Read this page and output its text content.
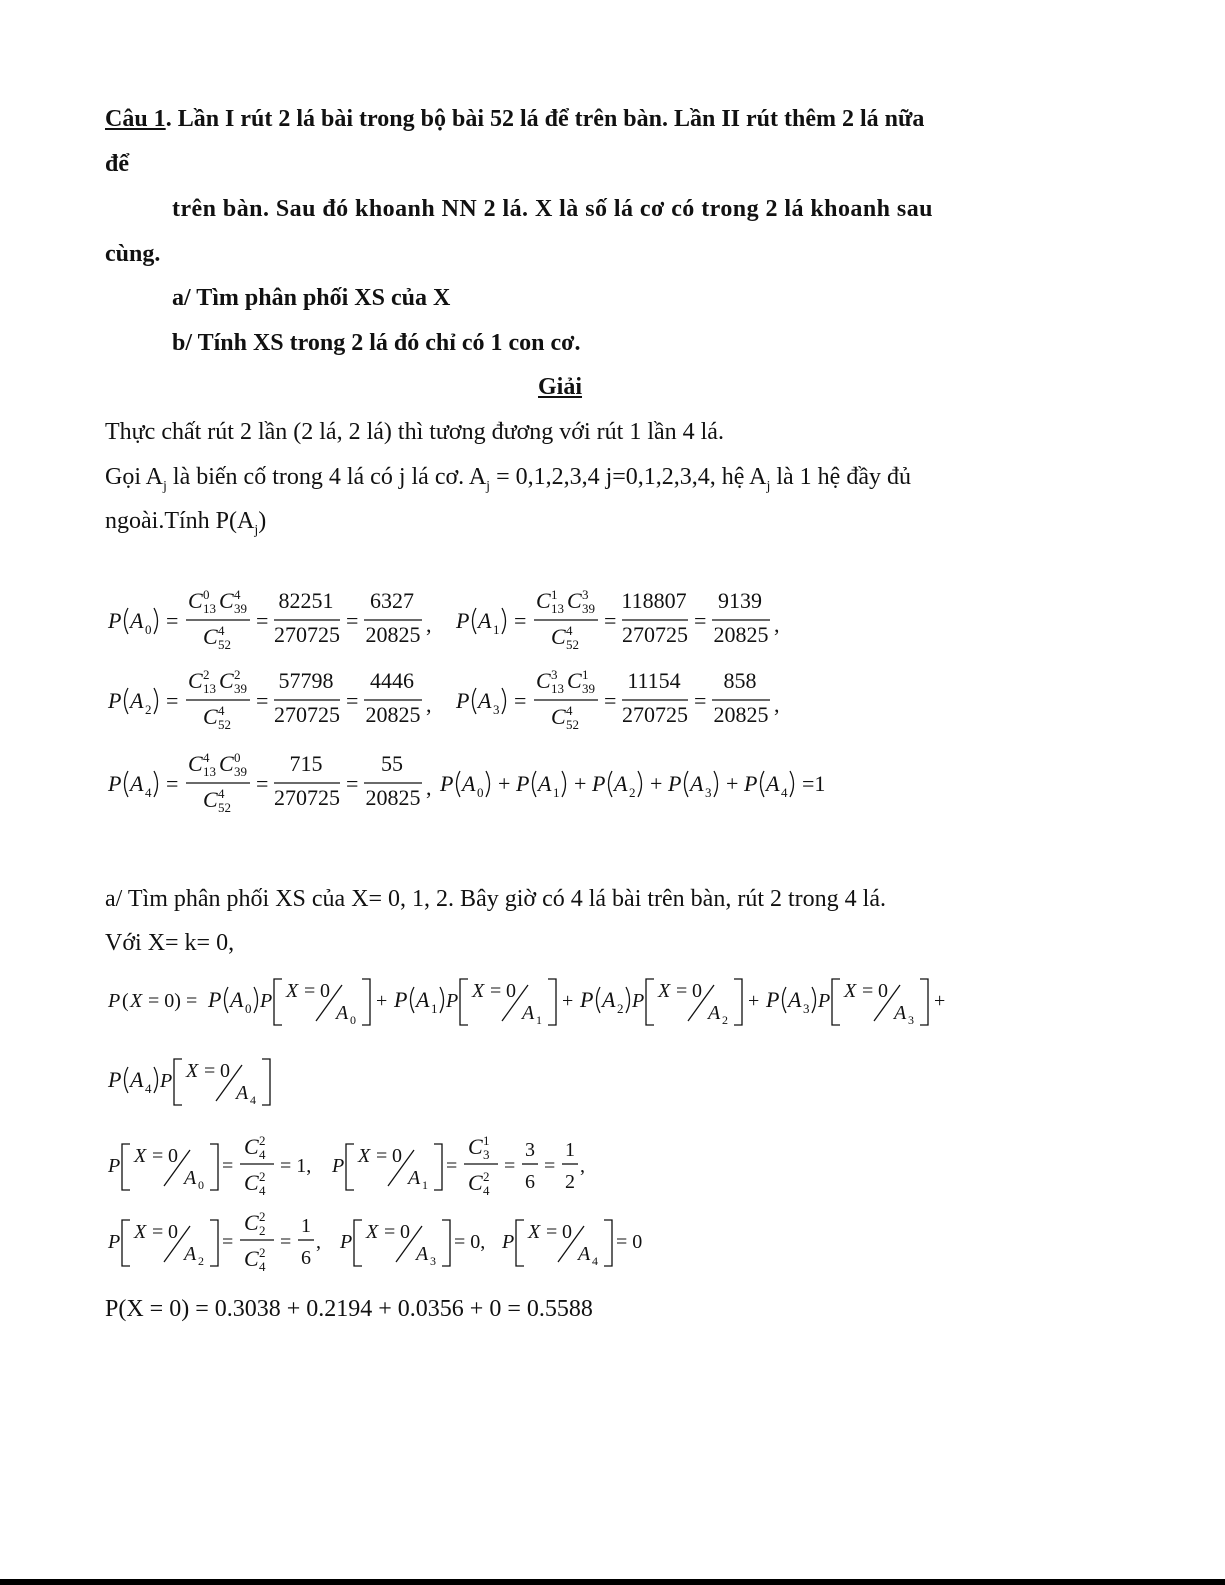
Câu 1. Lần I rút 2 lá bài trong bộ bài 52 lá để trên bàn. Lần II rút thêm 2 lá nữa
để
trên bàn. Sau đó khoanh NN 2 lá. X là số lá cơ có trong 2 lá khoanh sau
cùng.
a/ Tìm phân phối XS của X
b/ Tính XS trong 2 lá đó chỉ có 1 con cơ.
Giải
Thực chất rút 2 lần (2 lá, 2 lá) thì tương đương với rút 1 lần 4 lá.
Gọi $A_j$ là biến cố trong 4 lá có j lá cơ. $A_j = 0,1,2,3,4$ j=0,1,2,3,4, hệ $A_j$ là 1 hệ đầy đủ
ngoài.Tính $P(A_j)$
P A 0 =
C 0
13 C 4
39
C 4
52
=
82251
270725
=
6327
20825 , P A 1 =
C 1
13 C 3
39
C 4
52
=
118807
270725
=
9139
20825 ,
P A 2 =
C 2
13 C 2
39
C 4
52
=
57798
270725
=
4446
20825 , P A 3 =
C 3
13 C 1
39
C 4
52
=
11154
270725
=
858
20825 ,
P A 4 =
C 4
13 C 0
39
C 4
52
=
715
270725
=
55
20825 , P A 0 + P A 1 + P A 2 + P A 3 + P A 4 =1
a/ Tìm phân phối XS của X= 0, 1, 2. Bây giờ có 4 lá bài trên bàn, rút 2 trong 4 lá.
Với X= k= 0,
P ( X = 0) = P A 0 P X = 0
A 0
+ P A 1 P X = 0
A 1
+ P A 2 P X = 0
A 2
+ P A 3 P X = 0
A 3
+
P A 4 P X = 0
A 4
P X = 0
A 0
=
C 2
4
C 2
4
= 1, P X = 0
A 1
=
C 1
3
C 2
4
=
3
6
=
1
2
,
P X = 0
A 2
=
C 2
2
C 2
4
=
1
6
, P X = 0
A 3
= 0, P X = 0
A 4
= 0
P(X = 0) = 0.3038 + 0.2194 + 0.0356 + 0 = 0.5588
